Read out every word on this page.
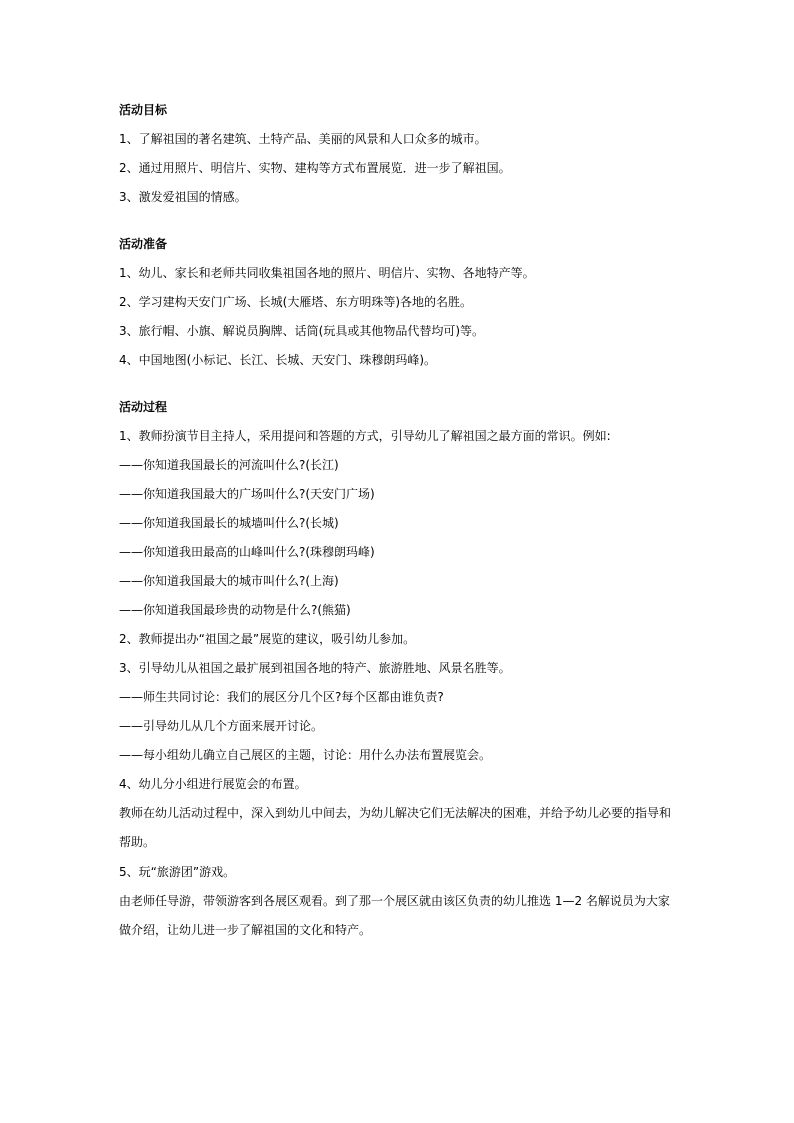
活动目标
1、了解祖国的著名建筑、土特产品、美丽的风景和人口众多的城市。
2、通过用照片、明信片、实物、建构等方式布置展览．进一步了解祖国。
3、激发爱祖国的情感。
活动准备
1、幼儿、家长和老师共同收集祖国各地的照片、明信片、实物、各地特产等。
2、学习建构天安门广场、长城(大雁塔、东方明珠等)各地的名胜。
3、旅行帽、小旗、解说员胸牌、话筒(玩具或其他物品代替均可)等。
4、中国地图(小标记、长江、长城、天安门、珠穆朗玛峰)。
活动过程
1、教师扮演节目主持人，采用提问和答题的方式，引导幼儿了解祖国之最方面的常识。例如:
——你知道我国最长的河流叫什么?(长江)
——你知道我国最大的广场叫什么?(天安门广场)
——你知道我国最长的城墙叫什么?(长城)
——你知道我田最高的山峰叫什么?(珠穆朗玛峰)
——你知道我国最大的城市叫什么?(上海)
——你知道我国最珍贵的动物是什么?(熊猫)
2、教师提出办“祖国之最”展览的建议，吸引幼儿参加。
3、引导幼儿从祖国之最扩展到祖国各地的特产、旅游胜地、风景名胜等。
——师生共同讨论：我们的展区分几个区?每个区都由谁负责?
——引导幼儿从几个方面来展开讨论。
——每小组幼儿确立自己展区的主题，讨论：用什么办法布置展览会。
4、幼儿分小组进行展览会的布置。
教师在幼儿活动过程中，深入到幼儿中间去，为幼儿解决它们无法解决的困难，并给予幼儿必要的指导和帮助。
5、玩“旅游团”游戏。
由老师任导游，带领游客到各展区观看。到了那一个展区就由该区负责的幼儿推选 1—2 名解说员为大家做介绍，让幼儿进一步了解祖国的文化和特产。
